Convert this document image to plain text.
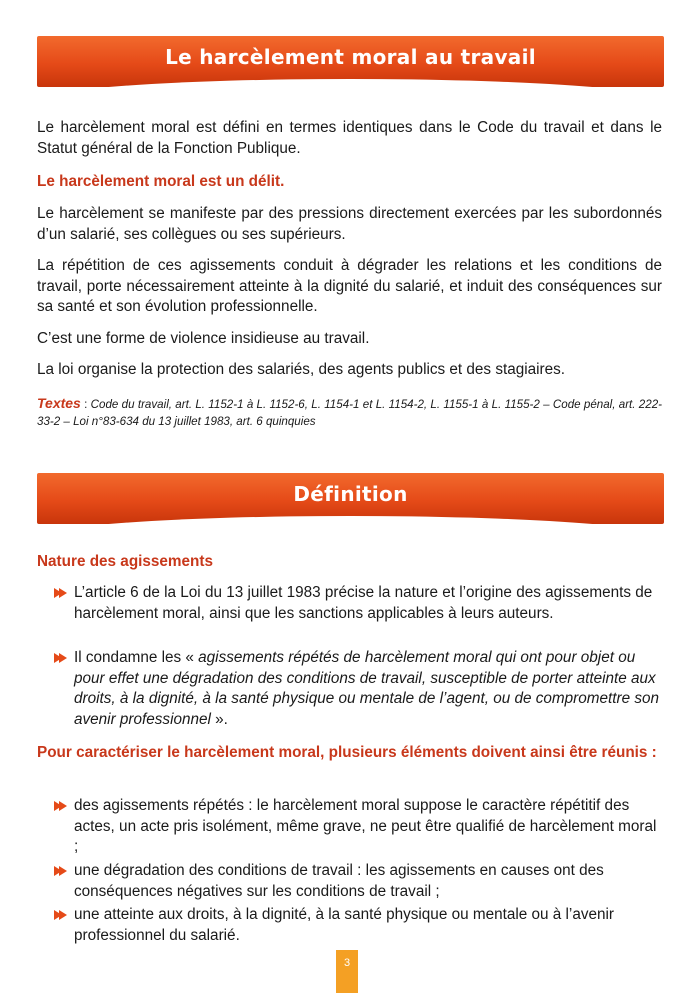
Le harcèlement moral au travail

Le harcèlement moral est défini en termes identiques dans le Code du travail et dans le Statut général de la Fonction Publique.

Le harcèlement moral est un délit.

Le harcèlement se manifeste par des pressions directement exercées par les subordonnés d’un salarié, ses collègues ou ses supérieurs.

La répétition de ces agissements conduit à dégrader les relations et les conditions de travail, porte nécessairement atteinte à la dignité du salarié, et induit des conséquences sur sa santé et son évolution professionnelle.

C’est une forme de violence insidieuse au travail.

La loi organise la protection des salariés, des agents publics et des stagiaires.

Textes : Code du travail, art. L. 1152-1 à L. 1152-6, L. 1154-1 et L. 1154-2, L. 1155-1 à L. 1155-2 – Code pénal, art. 222-33-2 – Loi n°83-634 du 13 juillet 1983, art. 6 quinquies

Définition

Nature des agissements

L’article 6 de la Loi du 13 juillet 1983 précise la nature et l’origine des agissements de harcèlement moral, ainsi que les sanctions applicables à leurs auteurs.

Il condamne les « agissements répétés de harcèlement moral qui ont pour objet ou pour effet une dégradation des conditions de travail, susceptible de porter atteinte aux droits, à la dignité, à la santé physique ou mentale de l’agent, ou de compromettre son avenir professionnel ».

Pour caractériser le harcèlement moral, plusieurs éléments doivent ainsi être réunis :

des agissements répétés : le harcèlement moral suppose le caractère répétitif des actes, un acte pris isolément, même grave, ne peut être qualifié de harcèlement moral ;

une dégradation des conditions de travail : les agissements en causes ont des conséquences négatives sur les conditions de travail ;

une atteinte aux droits, à la dignité, à la santé physique ou mentale ou à l’avenir professionnel du salarié.

3
